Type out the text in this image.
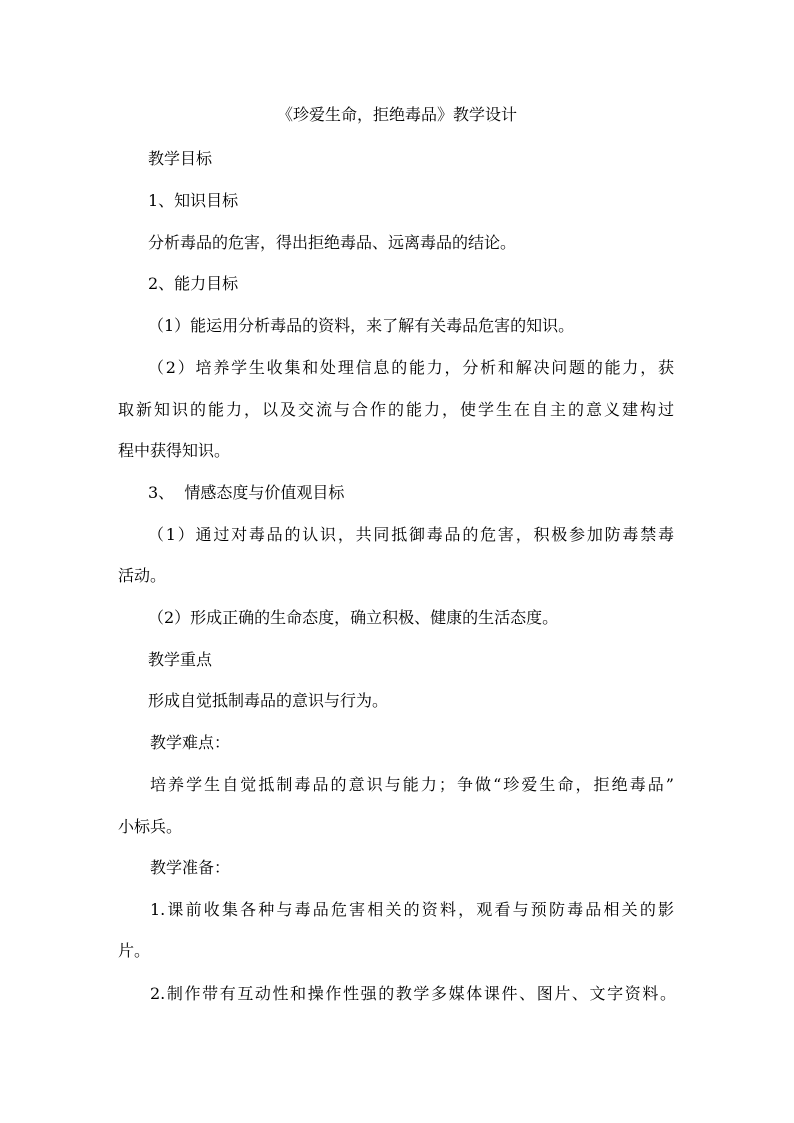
《珍爱生命，拒绝毒品》教学设计

教学目标

1、知识目标

分析毒品的危害，得出拒绝毒品、远离毒品的结论。

2、能力目标

（1）能运用分析毒品的资料，来了解有关毒品危害的知识。

（2）培养学生收集和处理信息的能力，分析和解决问题的能力，获

取新知识的能力，以及交流与合作的能力，使学生在自主的意义建构过

程中获得知识。

3、  情感态度与价值观目标

（1）通过对毒品的认识，共同抵御毒品的危害，积极参加防毒禁毒

活动。

（2）形成正确的生命态度，确立积极、健康的生活态度。

教学重点

形成自觉抵制毒品的意识与行为。

教学难点：

培养学生自觉抵制毒品的意识与能力；争做“珍爱生命，拒绝毒品”

小标兵。

教学准备：

1.课前收集各种与毒品危害相关的资料，观看与预防毒品相关的影

片。

2.制作带有互动性和操作性强的教学多媒体课件、图片、文字资料。
